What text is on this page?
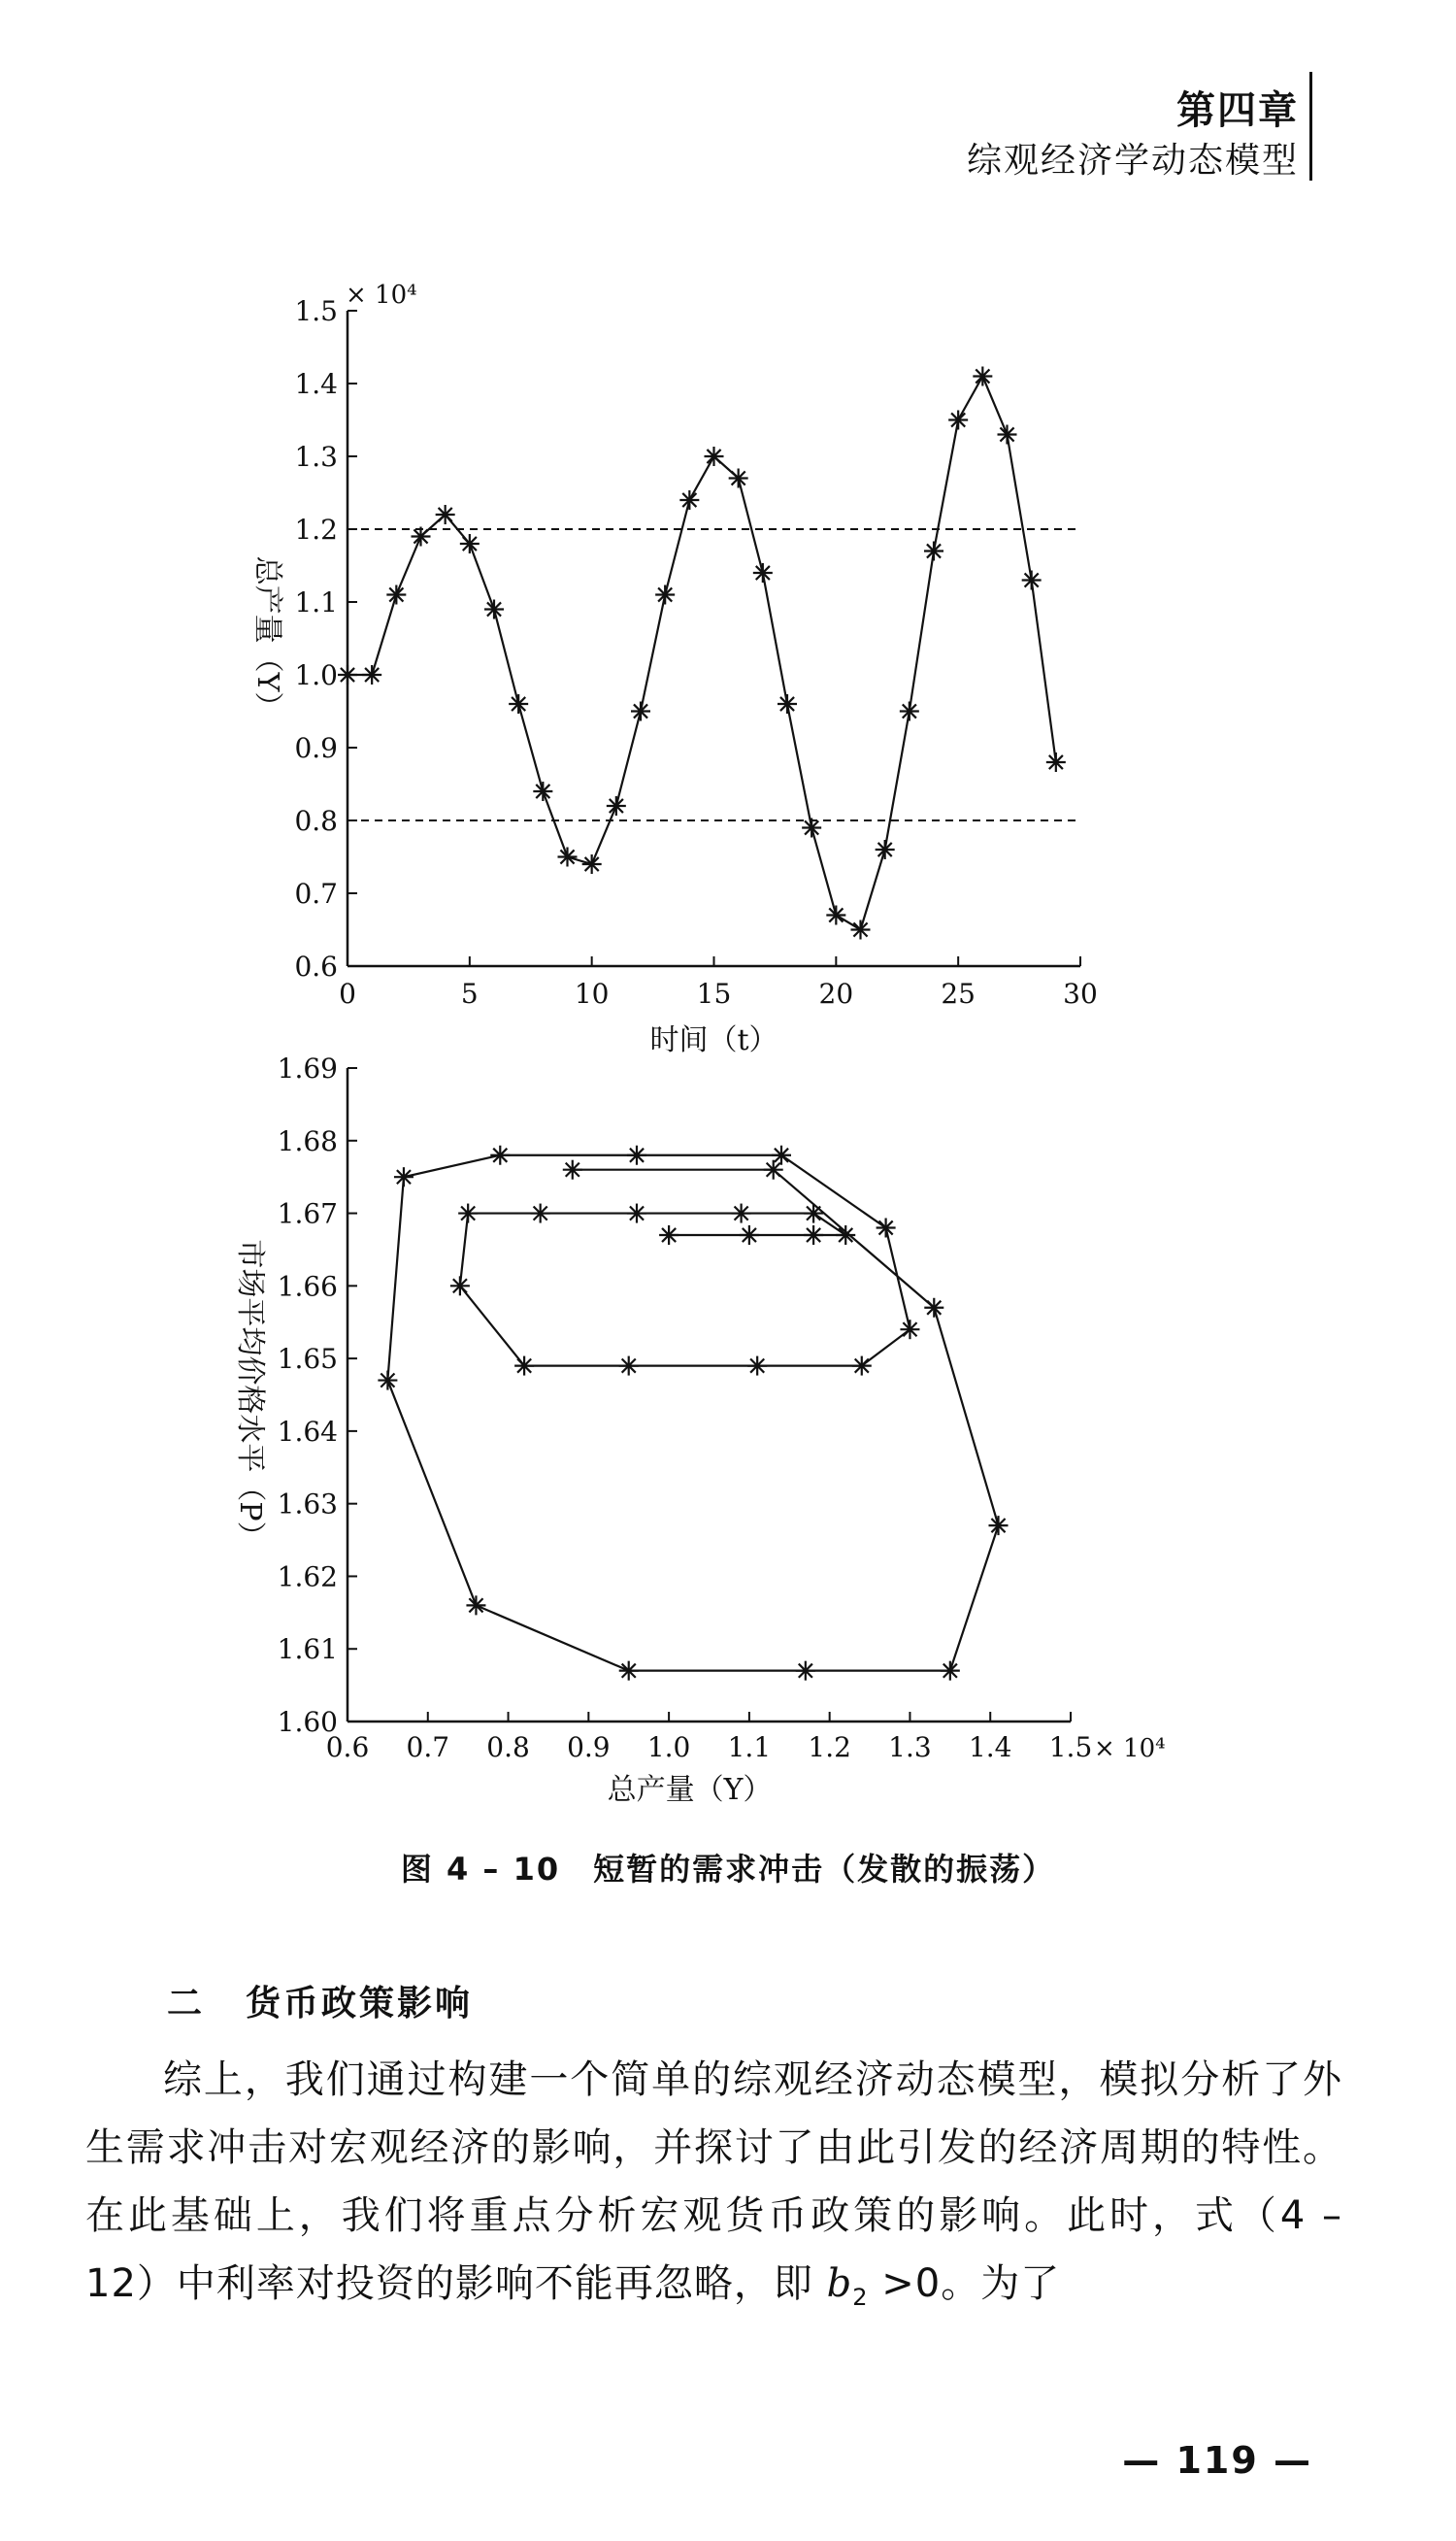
第四章
综观经济学动态模型
0	5	10	15	20	25	30
0.6
0.7
0.8
0.9
1.0
1.1
1.2
1.3
1.4
1.5 × 10⁴
时间（t）
总产量（Y）
0.6 0.7 0.8 0.9 1.0 1.1 1.2 1.3 1.4 1.5
1.60
1.61
1.62
1.63
1.64
1.65
1.66
1.67
1.68
1.69
× 10⁴
总产量（Y）
市场平均价格水平（P）
图 4 – 10　短暂的需求冲击（发散的振荡）
二 货币政策影响
综上，我们通过构建一个简单的综观经济动态模型，模拟分析了外生需求冲击对宏观经济的影响，并探讨了由此引发的经济周期的特性。在此基础上，我们将重点分析宏观货币政策的影响。此时，式（4 – 12）中利率对投资的影响不能再忽略，即 $b_2 >0$。为了
— 119 —
